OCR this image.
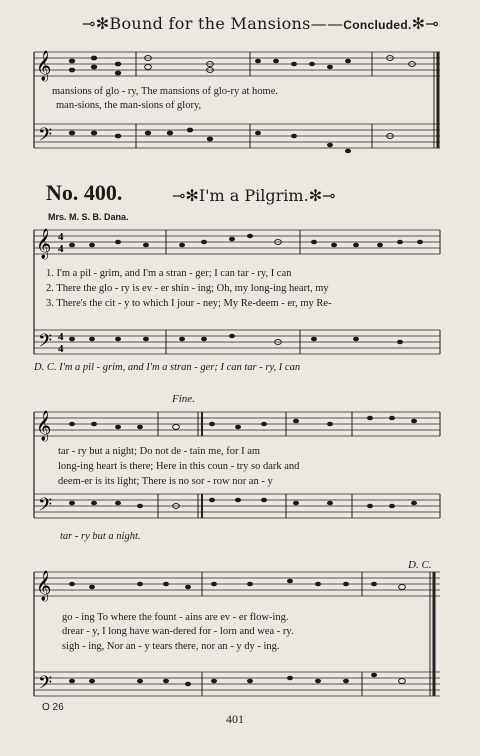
⊸✻Bound for the Mansions——Concluded.✻⊸
𝄞
𝄢
𝄞
𝄢
4
4
4
4
𝄞
𝄢
𝄞
𝄢
mansions of glo - ry, The mansions of glo-ry at home.
man-sions, the man-sions of glory,
No. 400.	⊸✻I'm a Pilgrim.✻⊸
Mrs. M. S. B. Dana.
1. I'm a pil - grim, and I'm a stran - ger; I can tar - ry, I can
2. There the glo - ry is ev - er shin - ing; Oh, my long-ing heart, my
3. There's the cit - y to which I jour - ney; My Re-deem - er, my Re-
D. C. I'm a pil - grim, and I'm a stran - ger; I can tar - ry, I can
Fine.
tar - ry but a night; Do not de - tain me, for I am
long-ing heart is there; Here in this coun - try so dark and
deem-er is its light; There is no sor - row nor an - y
tar - ry but a night.
D. C.
go - ing To where the fount - ains are ev - er flow-ing.
drear - y, I long have wan-dered for - lorn and wea - ry.
sigh - ing, Nor an - y tears there, nor an - y dy - ing.
O 26
401
